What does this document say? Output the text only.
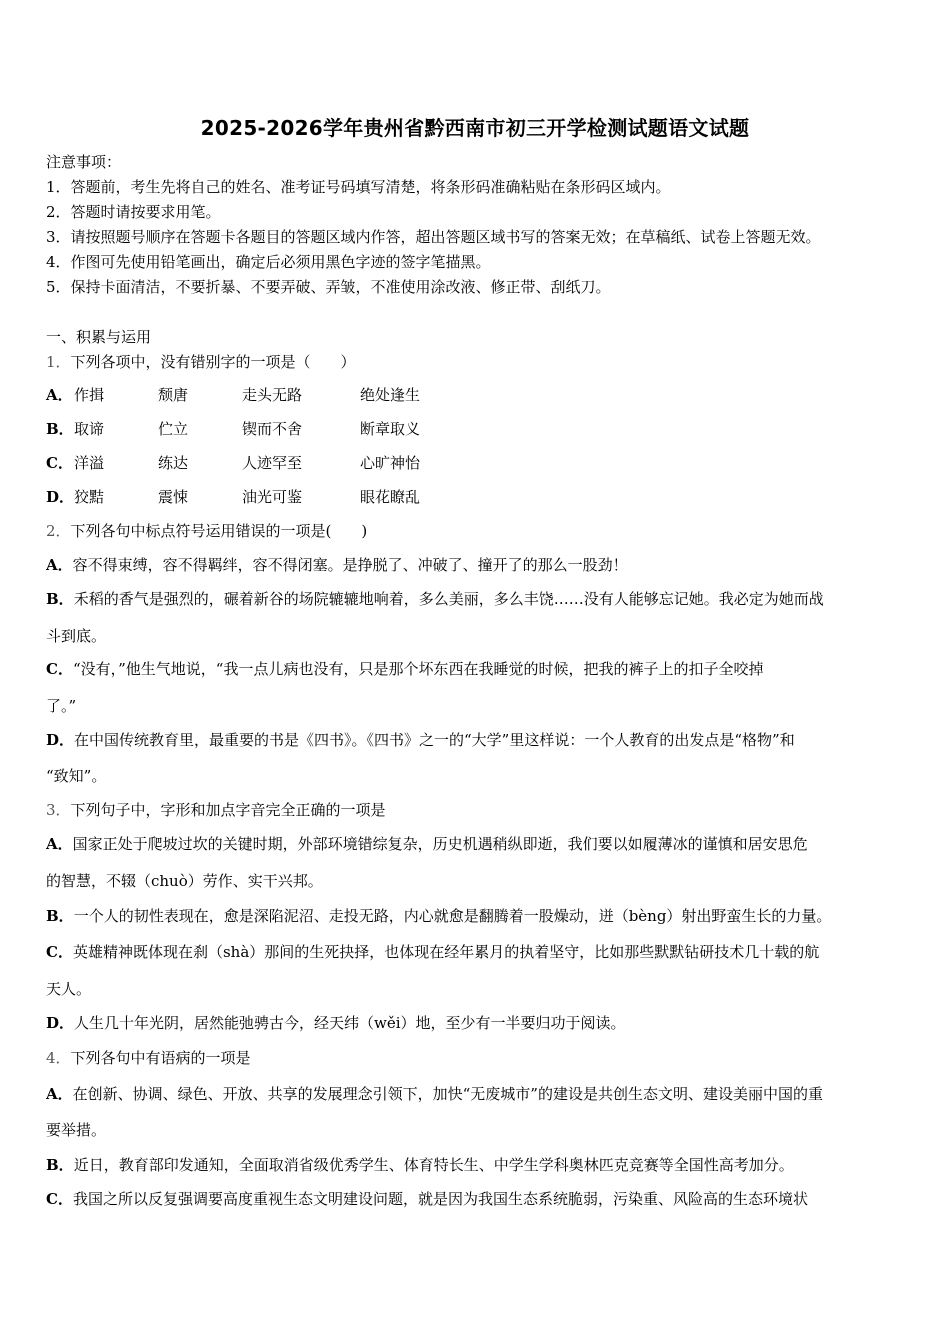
2025-2026学年贵州省黔西南市初三开学检测试题语文试题
注意事项：
1．答题前，考生先将自己的姓名、准考证号码填写清楚，将条形码准确粘贴在条形码区域内。
2．答题时请按要求用笔。
3．请按照题号顺序在答题卡各题目的答题区域内作答，超出答题区域书写的答案无效；在草稿纸、试卷上答题无效。
4．作图可先使用铅笔画出，确定后必须用黑色字迹的签字笔描黑。
5．保持卡面清洁，不要折暴、不要弄破、弄皱，不准使用涂改液、修正带、刮纸刀。
一、积累与运用
1．下列各项中，没有错别字的一项是（　　）
A． 作揖	颓唐	走头无路	绝处逢生
B． 取谛	伫立	锲而不舍	断章取义
C． 洋溢	练达	人迹罕至	心旷神怡
D． 狡黠	震悚	油光可鉴	眼花瞭乱
2．下列各句中标点符号运用错误的一项是(　　)
A．容不得束缚，容不得羁绊，容不得闭塞。是挣脱了、冲破了、撞开了的那么一股劲！
B．禾稻的香气是强烈的，碾着新谷的场院辘辘地响着，多么美丽，多么丰饶……没有人能够忘记她。我必定为她而战
斗到底。
C．“没有，”他生气地说，“我一点儿病也没有，只是那个坏东西在我睡觉的时候，把我的裤子上的扣子全咬掉
了。”
D．在中国传统教育里，最重要的书是《四书》。《四书》之一的“大学”里这样说：一个人教育的出发点是“格物”和
“致知”。
3．下列句子中，字形和加点字音完全正确的一项是
A．国家正处于爬坡过坎的关键时期，外部环境错综复杂，历史机遇稍纵即逝，我们要以如履薄冰的谨慎和居安思危
的智慧，不辍（chuò）劳作、实干兴邦。
B．一个人的韧性表现在，愈是深陷泥沼、走投无路，内心就愈是翻腾着一股燥动，迸（bèng）射出野蛮生长的力量。
C．英雄精神既体现在刹（shà）那间的生死抉择，也体现在经年累月的执着坚守，比如那些默默钻研技术几十载的航
天人。
D．人生几十年光阴，居然能弛骋古今，经天纬（wěi）地，至少有一半要归功于阅读。
4．下列各句中有语病的一项是
A．在创新、协调、绿色、开放、共享的发展理念引领下，加快“无废城市”的建设是共创生态文明、建设美丽中国的重
要举措。
B．近日，教育部印发通知，全面取消省级优秀学生、体育特长生、中学生学科奥林匹克竞赛等全国性高考加分。
C．我国之所以反复强调要高度重视生态文明建设问题，就是因为我国生态系统脆弱，污染重、风险高的生态环境状
